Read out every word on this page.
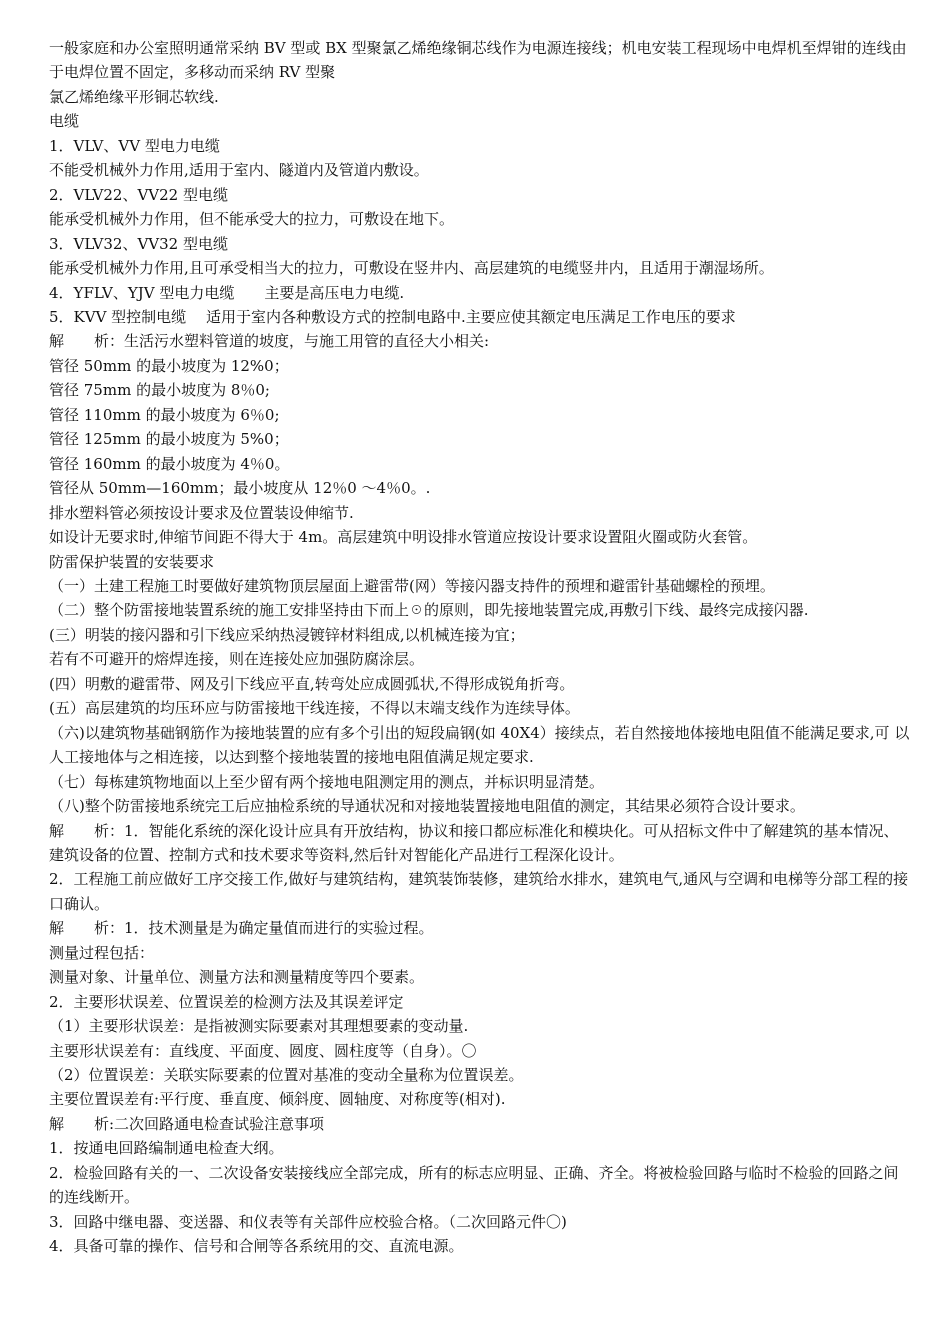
一般家庭和办公室照明通常采纳 BV 型或 BX 型聚氯乙烯绝缘铜芯线作为电源连接线；机电安装工程现场中电焊机至焊钳的连线由于电焊位置不固定，多移动而采纳 RV 型聚
氯乙烯绝缘平形铜芯软线.
电缆
1．VLV、VV 型电力电缆
不能受机械外力作用,适用于室内、隧道内及管道内敷设。
2．VLV22、VV22 型电缆
能承受机械外力作用，但不能承受大的拉力，可敷设在地下。
3．VLV32、VV32 型电缆
能承受机械外力作用,且可承受相当大的拉力，可敷设在竖井内、高层建筑的电缆竖井内，且适用于潮湿场所。
4．YFLV、YJV 型电力电缆　　主要是高压电力电缆.
5．KVV 型控制电缆　 适用于室内各种敷设方式的控制电路中.主要应使其额定电压满足工作电压的要求
解　　析：生活污水塑料管道的坡度，与施工用管的直径大小相关:
管径 50mm 的最小坡度为 12%0；
管径 75mm 的最小坡度为 8％0;
管径 110mm 的最小坡度为 6％0;
管径 125mm 的最小坡度为 5%0；
管径 160mm 的最小坡度为 4％0。
管径从 50mm—160mm；最小坡度从 12％0 ～4％0。.
排水塑料管必须按设计要求及位置装设伸缩节.
如设计无要求时,伸缩节间距不得大于 4m。高层建筑中明设排水管道应按设计要求设置阻火圈或防火套管。
防雷保护装置的安装要求
（一）土建工程施工时要做好建筑物顶层屋面上避雷带(网）等接闪器支持件的预埋和避雷针基础螺栓的预埋。
（二）整个防雷接地装置系统的施工安排坚持由下而上☉的原则，即先接地装置完成,再敷引下线、最终完成接闪器.
(三）明装的接闪器和引下线应采纳热浸镀锌材料组成,以机械连接为宜；
若有不可避开的熔焊连接，则在连接处应加强防腐涂层。
(四）明敷的避雷带、网及引下线应平直,转弯处应成圆弧状,不得形成锐角折弯。
(五）高层建筑的均压环应与防雷接地干线连接，不得以末端支线作为连续导体。
（六)以建筑物基础钢筋作为接地装置的应有多个引出的短段扁钢(如 40X4）接续点，若自然接地体接地电阻值不能满足要求,可 以人工接地体与之相连接，以达到整个接地装置的接地电阻值满足规定要求.
（七）每栋建筑物地面以上至少留有两个接地电阻测定用的测点，并标识明显清楚。
（八)整个防雷接地系统完工后应抽检系统的导通状况和对接地装置接地电阻值的测定，其结果必须符合设计要求。
解　　析：1．智能化系统的深化设计应具有开放结构，协议和接口都应标准化和模块化。可从招标文件中了解建筑的基本情况、建筑设备的位置、控制方式和技术要求等资料,然后针对智能化产品进行工程深化设计。
2．工程施工前应做好工序交接工作,做好与建筑结构，建筑装饰装修，建筑给水排水，建筑电气,通风与空调和电梯等分部工程的接口确认。
解　　析：1．技术测量是为确定量值而进行的实验过程。
测量过程包括：
测量对象、计量单位、测量方法和测量精度等四个要素。
2．主要形状误差、位置误差的检测方法及其误差评定
（1）主要形状误差：是指被测实际要素对其理想要素的变动量.
主要形状误差有：直线度、平面度、圆度、圆柱度等（自身）。〇
（2）位置误差：关联实际要素的位置对基准的变动全量称为位置误差。
主要位置误差有:平行度、垂直度、倾斜度、圆轴度、对称度等(相对).
解　　析:二次回路通电检查试验注意事项
1．按通电回路编制通电检查大纲。
2．检验回路有关的一、二次设备安装接线应全部完成，所有的标志应明显、正确、齐全。将被检验回路与临时不检验的回路之间的连线断开。
3．回路中继电器、变送器、和仪表等有关部件应校验合格。（二次回路元件〇)
4．具备可靠的操作、信号和合闸等各系统用的交、直流电源。
